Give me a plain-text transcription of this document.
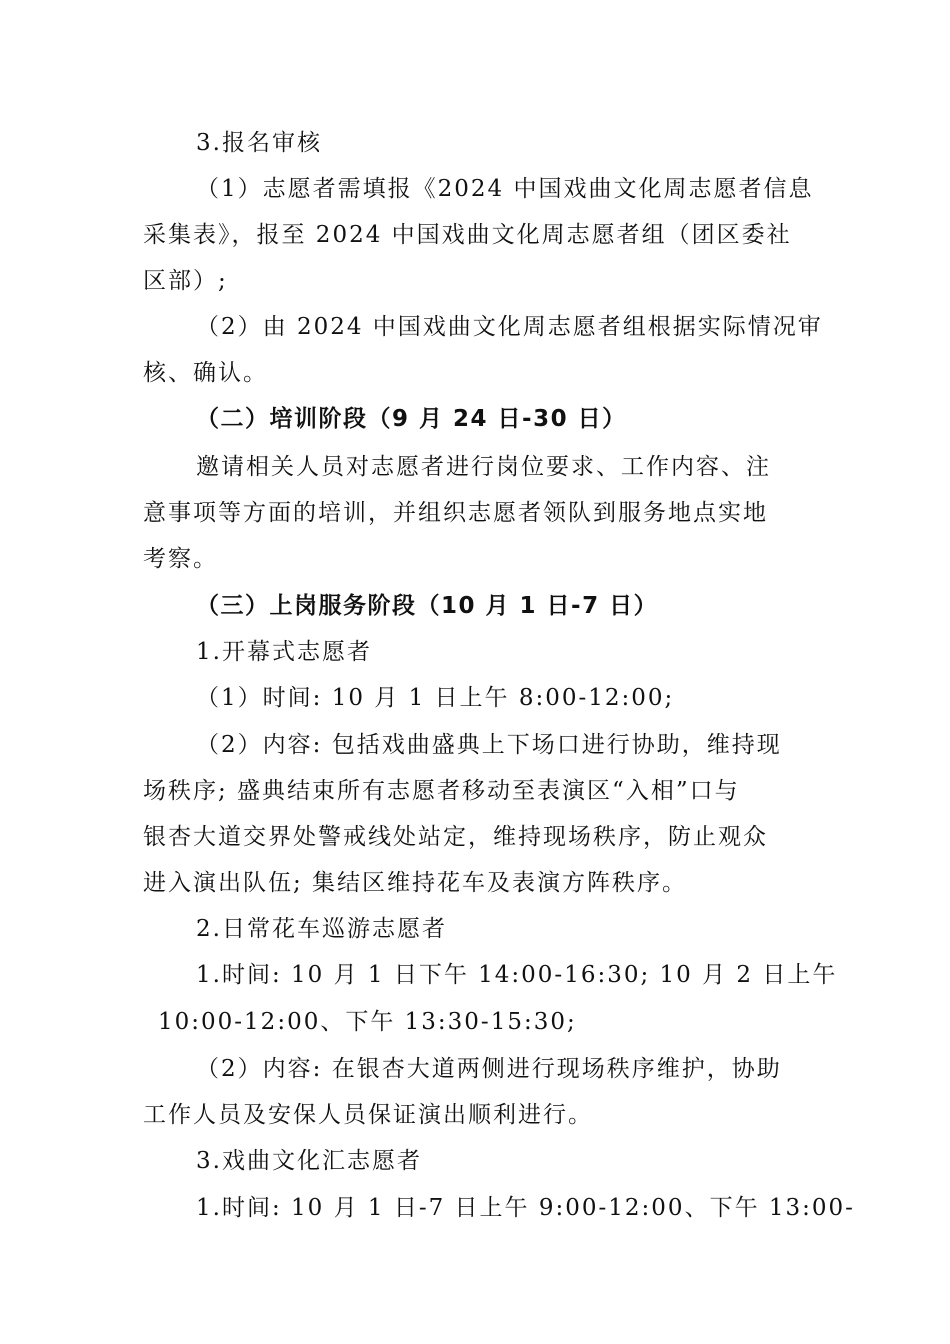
3.报名审核
（1）志愿者需填报《2024 中国戏曲文化周志愿者信息
采集表》，报至 2024 中国戏曲文化周志愿者组（团区委社
区部）;
（2）由 2024 中国戏曲文化周志愿者组根据实际情况审
核、确认。
（二）培训阶段（9 月 24 日-30 日）
邀请相关人员对志愿者进行岗位要求、工作内容、注
意事项等方面的培训，并组织志愿者领队到服务地点实地
考察。
（三）上岗服务阶段（10 月 1 日-7 日）
1.开幕式志愿者
（1）时间: 10 月 1 日上午 8:00-12:00;
（2）内容: 包括戏曲盛典上下场口进行协助，维持现
场秩序; 盛典结束所有志愿者移动至表演区“入相”口与
银杏大道交界处警戒线处站定，维持现场秩序，防止观众
进入演出队伍; 集结区维持花车及表演方阵秩序。
2.日常花车巡游志愿者
1.时间: 10 月 1 日下午 14:00-16:30; 10 月 2 日上午
10:00-12:00、下午 13:30-15:30;
（2）内容: 在银杏大道两侧进行现场秩序维护，协助
工作人员及安保人员保证演出顺利进行。
3.戏曲文化汇志愿者
1.时间: 10 月 1 日-7 日上午 9:00-12:00、下午 13:00-
